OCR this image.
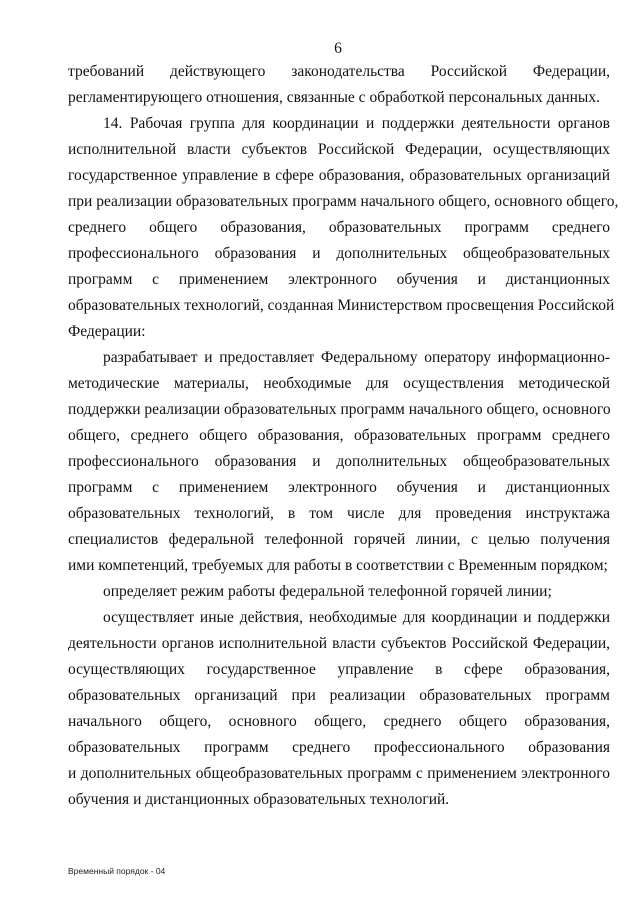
6
требований действующего законодательства Российской Федерации,
регламентирующего отношения, связанные с обработкой персональных данных.
14. Рабочая группа для координации и поддержки деятельности органов
исполнительной власти субъектов Российской Федерации, осуществляющих
государственное управление в сфере образования, образовательных организаций
при реализации образовательных программ начального общего, основного общего,
среднего общего образования, образовательных программ среднего
профессионального образования и дополнительных общеобразовательных
программ с применением электронного обучения и дистанционных
образовательных технологий, созданная Министерством просвещения Российской
Федерации:
разрабатывает и предоставляет Федеральному оператору информационно-
методические материалы, необходимые для осуществления методической
поддержки реализации образовательных программ начального общего, основного
общего, среднего общего образования, образовательных программ среднего
профессионального образования и дополнительных общеобразовательных
программ с применением электронного обучения и дистанционных
образовательных технологий, в том числе для проведения инструктажа
специалистов федеральной телефонной горячей линии, с целью получения
ими компетенций, требуемых для работы в соответствии с Временным порядком;
определяет режим работы федеральной телефонной горячей линии;
осуществляет иные действия, необходимые для координации и поддержки
деятельности органов исполнительной власти субъектов Российской Федерации,
осуществляющих государственное управление в сфере образования,
образовательных организаций при реализации образовательных программ
начального общего, основного общего, среднего общего образования,
образовательных программ среднего профессионального образования
и дополнительных общеобразовательных программ с применением электронного
обучения и дистанционных образовательных технологий.
Временный порядок - 04
